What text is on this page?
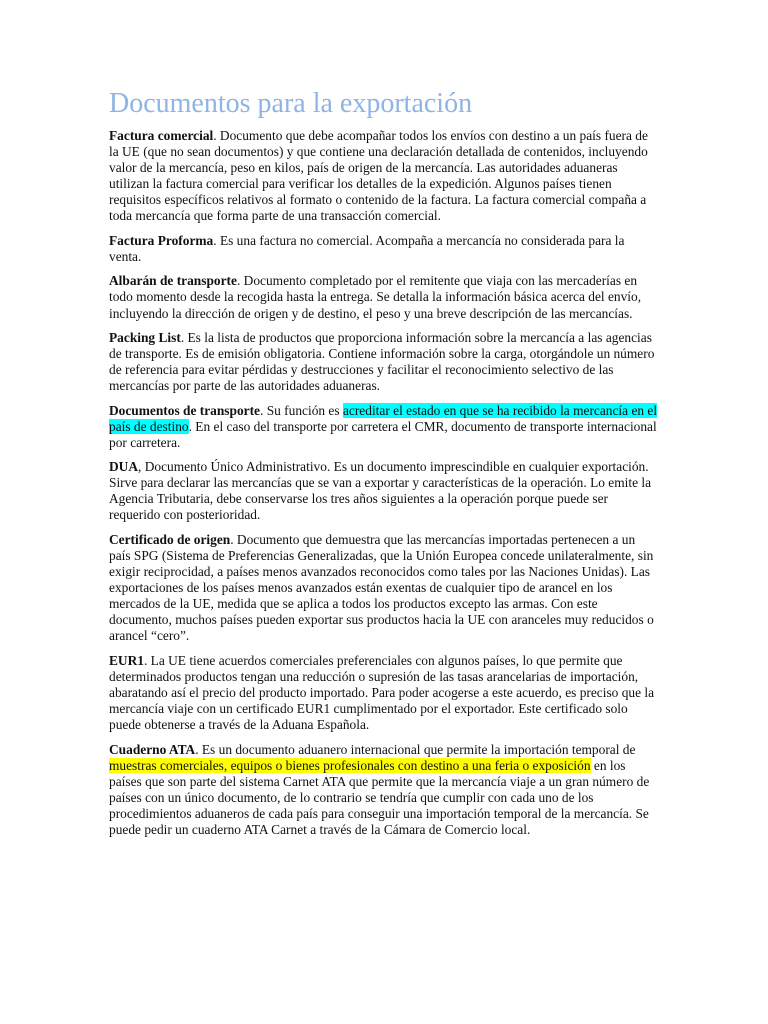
Documentos para la exportación

Factura comercial. Documento que debe acompañar todos los envíos con destino a un país fuera de la UE (que no sean documentos) y que contiene una declaración detallada de contenidos, incluyendo valor de la mercancía, peso en kilos, país de origen de la mercancía. Las autoridades aduaneras utilizan la factura comercial para verificar los detalles de la expedición. Algunos países tienen requisitos específicos relativos al formato o contenido de la factura. La factura comercial compaña a toda mercancía que forma parte de una transacción comercial.

Factura Proforma. Es una factura no comercial. Acompaña a mercancía no considerada para la venta.

Albarán de transporte. Documento completado por el remitente que viaja con las mercaderías en todo momento desde la recogida hasta la entrega. Se detalla la información básica acerca del envío, incluyendo la dirección de origen y de destino, el peso y una breve descripción de las mercancías.

Packing List. Es la lista de productos que proporciona información sobre la mercancía a las agencias de transporte. Es de emisión obligatoria. Contiene información sobre la carga, otorgándole un número de referencia para evitar pérdidas y destrucciones y facilitar el reconocimiento selectivo de las mercancías por parte de las autoridades aduaneras.

Documentos de transporte. Su función es acreditar el estado en que se ha recibido la mercancía en el país de destino. En el caso del transporte por carretera el CMR, documento de transporte internacional por carretera.

DUA, Documento Único Administrativo. Es un documento imprescindible en cualquier exportación. Sirve para declarar las mercancías que se van a exportar y características de la operación. Lo emite la Agencia Tributaria, debe conservarse los tres años siguientes a la operación porque puede ser requerido con posterioridad.

Certificado de origen. Documento que demuestra que las mercancías importadas pertenecen a un país SPG (Sistema de Preferencias Generalizadas, que la Unión Europea concede unilateralmente, sin exigir reciprocidad, a países menos avanzados reconocidos como tales por las Naciones Unidas). Las exportaciones de los países menos avanzados están exentas de cualquier tipo de arancel en los mercados de la UE, medida que se aplica a todos los productos excepto las armas. Con este documento, muchos países pueden exportar sus productos hacia la UE con aranceles muy reducidos o arancel “cero”.

EUR1. La UE tiene acuerdos comerciales preferenciales con algunos países, lo que permite que determinados productos tengan una reducción o supresión de las tasas arancelarias de importación, abaratando así el precio del producto importado. Para poder acogerse a este acuerdo, es preciso que la mercancía viaje con un certificado EUR1 cumplimentado por el exportador. Este certificado solo puede obtenerse a través de la Aduana Española.

Cuaderno ATA. Es un documento aduanero internacional que permite la importación temporal de muestras comerciales, equipos o bienes profesionales con destino a una feria o exposición en los países que son parte del sistema Carnet ATA que permite que la mercancía viaje a un gran número de países con un único documento, de lo contrario se tendría que cumplir con cada uno de los procedimientos aduaneros de cada país para conseguir una importación temporal de la mercancía. Se puede pedir un cuaderno ATA Carnet a través de la Cámara de Comercio local.
